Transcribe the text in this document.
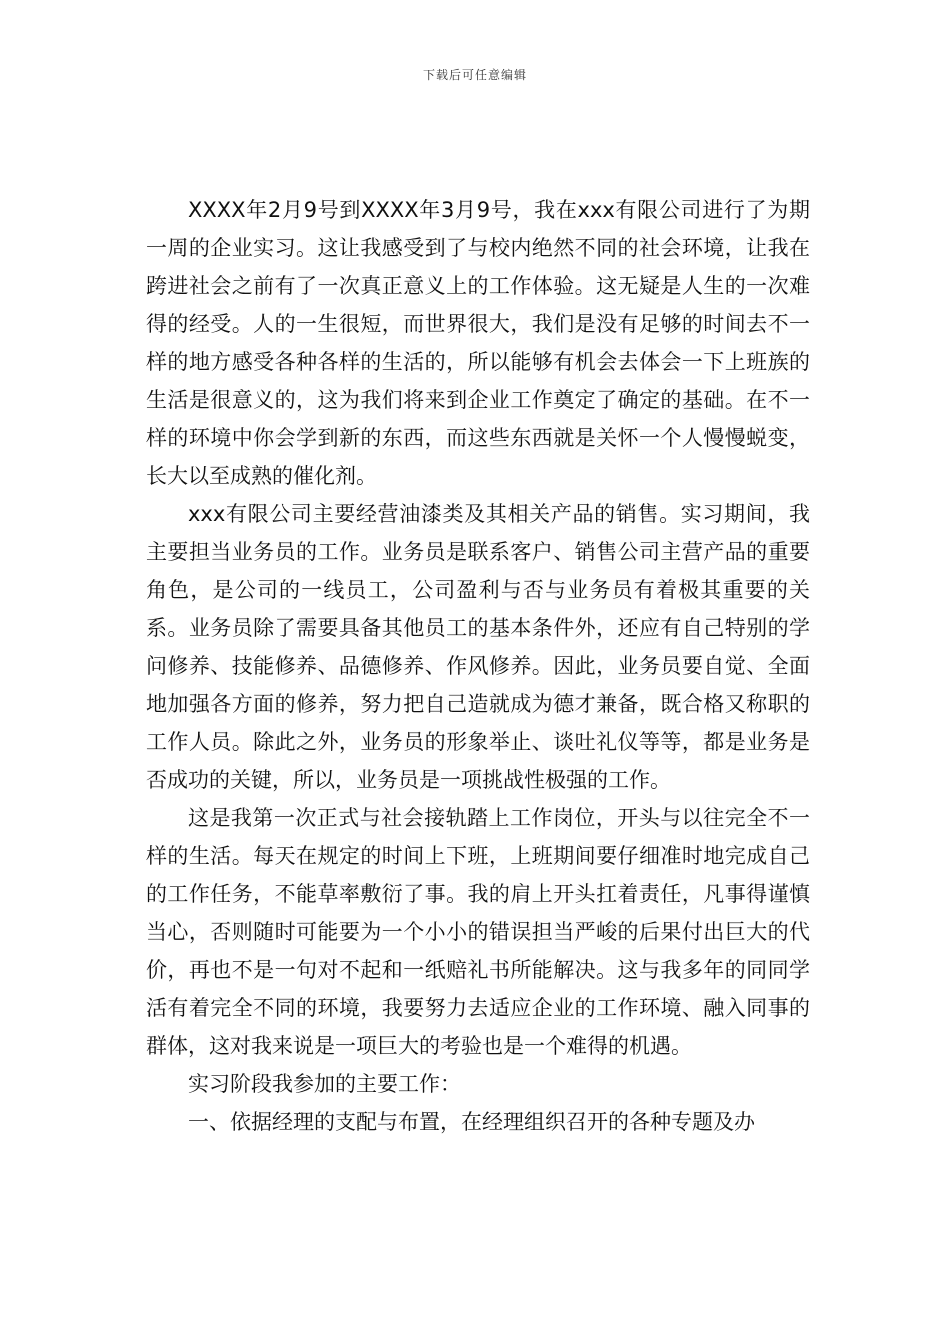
下载后可任意编辑

XXXX年2月9号到XXXX年3月9号，我在xxx有限公司进行了为期一周的企业实习。这让我感受到了与校内绝然不同的社会环境，让我在跨进社会之前有了一次真正意义上的工作体验。这无疑是人生的一次难得的经受。人的一生很短，而世界很大，我们是没有足够的时间去不一样的地方感受各种各样的生活的，所以能够有机会去体会一下上班族的生活是很意义的，这为我们将来到企业工作奠定了确定的基础。在不一样的环境中你会学到新的东西，而这些东西就是关怀一个人慢慢蜕变，长大以至成熟的催化剂。

xxx有限公司主要经营油漆类及其相关产品的销售。实习期间，我主要担当业务员的工作。业务员是联系客户、销售公司主营产品的重要角色，是公司的一线员工，公司盈利与否与业务员有着极其重要的关系。业务员除了需要具备其他员工的基本条件外，还应有自己特别的学问修养、技能修养、品德修养、作风修养。因此，业务员要自觉、全面地加强各方面的修养，努力把自己造就成为德才兼备，既合格又称职的工作人员。除此之外，业务员的形象举止、谈吐礼仪等等，都是业务是否成功的关键，所以，业务员是一项挑战性极强的工作。

这是我第一次正式与社会接轨踏上工作岗位，开头与以往完全不一样的生活。每天在规定的时间上下班，上班期间要仔细准时地完成自己的工作任务，不能草率敷衍了事。我的肩上开头扛着责任，凡事得谨慎当心，否则随时可能要为一个小小的错误担当严峻的后果付出巨大的代价，再也不是一句对不起和一纸赔礼书所能解决。这与我多年的同同学活有着完全不同的环境，我要努力去适应企业的工作环境、融入同事的群体，这对我来说是一项巨大的考验也是一个难得的机遇。

实习阶段我参加的主要工作：

一、依据经理的支配与布置，在经理组织召开的各种专题及办
